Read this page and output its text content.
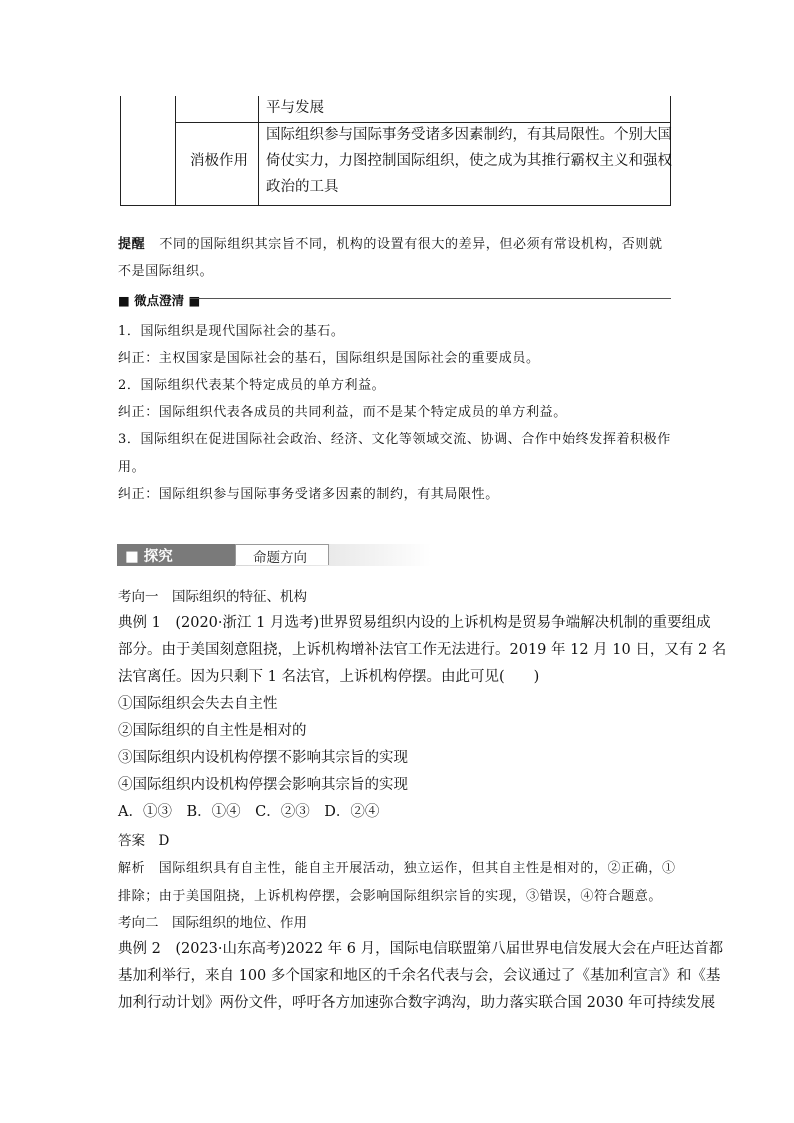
平与发展
消极作用
国际组织参与国际事务受诸多因素制约，有其局限性。个别大国
倚仗实力，力图控制国际组织，使之成为其推行霸权主义和强权
政治的工具
提醒 不同的国际组织其宗旨不同，机构的设置有很大的差异，但必须有常设机构，否则就
不是国际组织。
■ 微点澄清 ■
1．国际组织是现代国际社会的基石。
纠正：主权国家是国际社会的基石，国际组织是国际社会的重要成员。
2．国际组织代表某个特定成员的单方利益。
纠正：国际组织代表各成员的共同利益，而不是某个特定成员的单方利益。
3．国际组织在促进国际社会政治、经济、文化等领域交流、协调、合作中始终发挥着积极作
用。
纠正：国际组织参与国际事务受诸多因素的制约，有其局限性。
■ 探究	命题方向
考向一　国际组织的特征、机构
典例 1　(2020·浙江 1 月选考)世界贸易组织内设的上诉机构是贸易争端解决机制的重要组成
部分。由于美国刻意阻挠，上诉机构增补法官工作无法进行。2019 年 12 月 10 日，又有 2 名
法官离任。因为只剩下 1 名法官，上诉机构停摆。由此可见(　　)
①国际组织会失去自主性
②国际组织的自主性是相对的
③国际组织内设机构停摆不影响其宗旨的实现
④国际组织内设机构停摆会影响其宗旨的实现
A．①③　B．①④　C．②③　D．②④
答案　D
解析　国际组织具有自主性，能自主开展活动，独立运作，但其自主性是相对的，②正确，①
排除；由于美国阻挠，上诉机构停摆，会影响国际组织宗旨的实现，③错误，④符合题意。
考向二　国际组织的地位、作用
典例 2　(2023·山东高考)2022 年 6 月，国际电信联盟第八届世界电信发展大会在卢旺达首都
基加利举行，来自 100 多个国家和地区的千余名代表与会，会议通过了《基加利宣言》和《基
加利行动计划》两份文件，呼吁各方加速弥合数字鸿沟，助力落实联合国 2030 年可持续发展
